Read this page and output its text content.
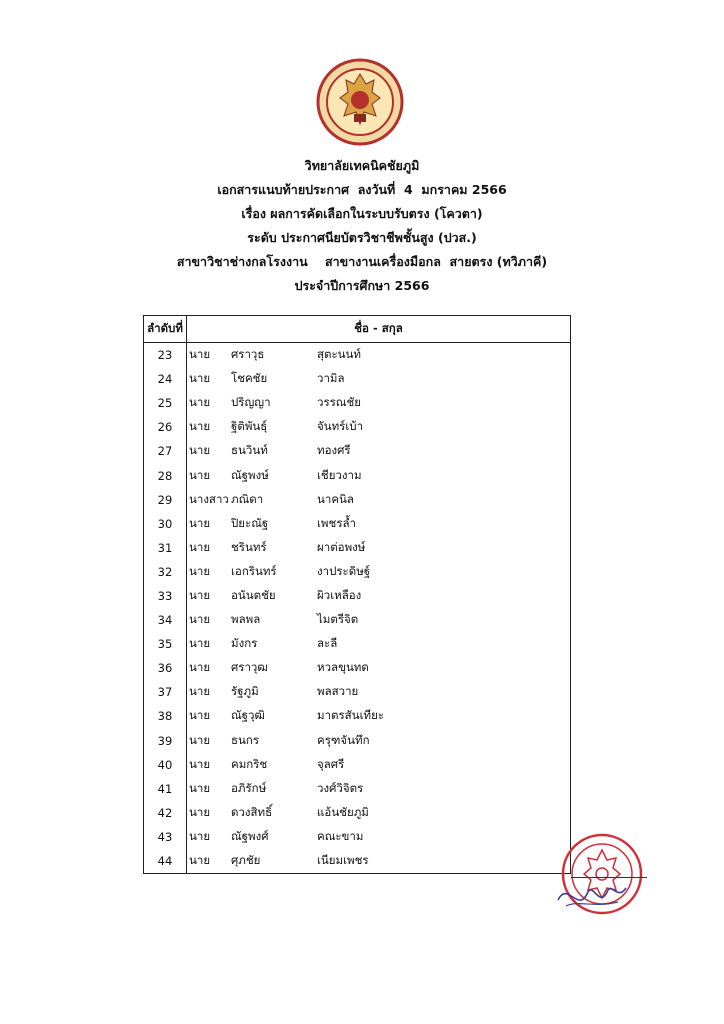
วิทยาลัยเทคนิคชัยภูมิ
เอกสารแนบท้ายประกาศ  ลงวันที่  4  มกราคม 2566
เรื่อง ผลการคัดเลือกในระบบรับตรง (โควตา)
ระดับ ประกาศนียบัตรวิชาชีพชั้นสูง (ปวส.)
สาขาวิชาช่างกลโรงงาน    สาขางานเครื่องมือกล  สายตรง (ทวิภาคี)
ประจำปีการศึกษา 2566
ลำดับที่	ชื่อ - สกุล
23	นาย ศราวุธ สุตะนนท์
24	นาย โชคชัย วามิล
25	นาย ปริญญา วรรณชัย
26	นาย ฐิติพันธุ์ จันทร์เบ้า
27	นาย ธนวินท์ ทองศรี
28	นาย ณัฐพงษ์ เชียวงาม
29	นางสาว ภณิดา นาคนิล
30	นาย ปิยะณัฐ เพชรล้ำ
31	นาย ชรินทร์ ผาต่อพงษ์
32	นาย เอกรินทร์ งาประดิษฐ์
33	นาย อนันตชัย ผิวเหลือง
34	นาย พลพล ไมตรีจิต
35	นาย มังกร ละลี
36	นาย ศราวุฒ หวลขุนทด
37	นาย รัฐภูมิ พลสวาย
38	นาย ณัฐวุฒิ มาตรสันเทียะ
39	นาย ธนกร ครุฑจันทึก
40	นาย คมกริช จุลศรี
41	นาย อภิรักษ์ วงศ์วิจิตร
42	นาย ดวงสิทธิ์ แอ้นชัยภูมิ
43	นาย ณัฐพงศ์ คณะขาม
44	นาย ศุภชัย เนียมเพชร
